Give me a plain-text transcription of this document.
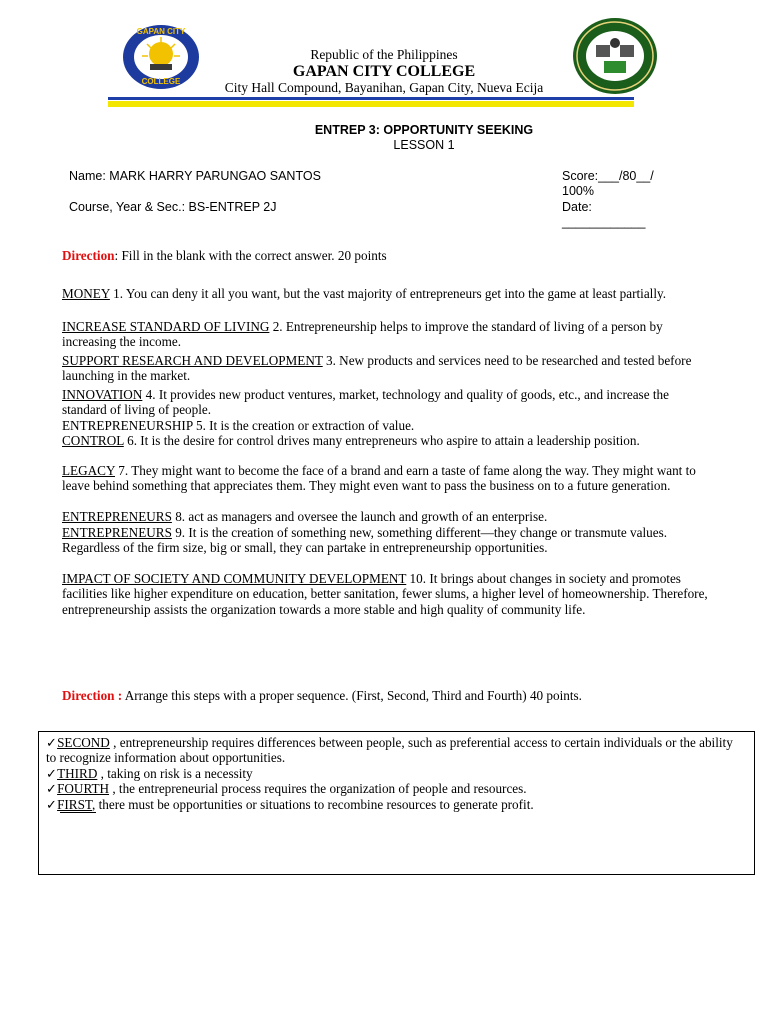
GAPAN CITY
COLLEGE
Republic of the Philippines
GAPAN CITY COLLEGE
City Hall Compound, Bayanihan, Gapan City, Nueva Ecija
ENTREP 3: OPPORTUNITY SEEKING
LESSON 1
Name: MARK HARRY PARUNGAO SANTOS
Course, Year & Sec.: BS-ENTREP 2J
Score:___/80__/
100%
Date:
____________
Direction: Fill in the blank with the correct answer. 20 points
MONEY 1. You can deny it all you want, but the vast majority of entrepreneurs get into the game at least partially.
INCREASE STANDARD OF LIVING 2. Entrepreneurship helps to improve the standard of living of a person by increasing the income.
SUPPORT RESEARCH AND DEVELOPMENT 3. New products and services need to be researched and tested before launching in the market.
INNOVATION 4. It provides new product ventures, market, technology and quality of goods, etc., and increase the standard of living of people.
ENTREPRENEURSHIP 5. It is the creation or extraction of value.
CONTROL 6. It is the desire for control drives many entrepreneurs who aspire to attain a leadership position.
LEGACY 7. They might want to become the face of a brand and earn a taste of fame along the way. They might want to leave behind something that appreciates them. They might even want to pass the business on to a future generation.
ENTREPRENEURS 8. act as managers and oversee the launch and growth of an enterprise.
ENTREPRENEURS 9. It is the creation of something new, something different—they change or transmute values. Regardless of the firm size, big or small, they can partake in entrepreneurship opportunities.
IMPACT OF SOCIETY AND COMMUNITY DEVELOPMENT 10. It brings about changes in society and promotes facilities like higher expenditure on education, better sanitation, fewer slums, a higher level of homeownership. Therefore, entrepreneurship assists the organization towards a more stable and high quality of community life.
Direction : Arrange this steps with a proper sequence. (First, Second, Third and Fourth) 40 points.
✓SECOND , entrepreneurship requires differences between people, such as preferential access to certain individuals or the ability to recognize information about opportunities.
✓THIRD , taking on risk is a necessity
✓FOURTH , the entrepreneurial process requires the organization of people and resources.
✓FIRST, there must be opportunities or situations to recombine resources to generate profit.
